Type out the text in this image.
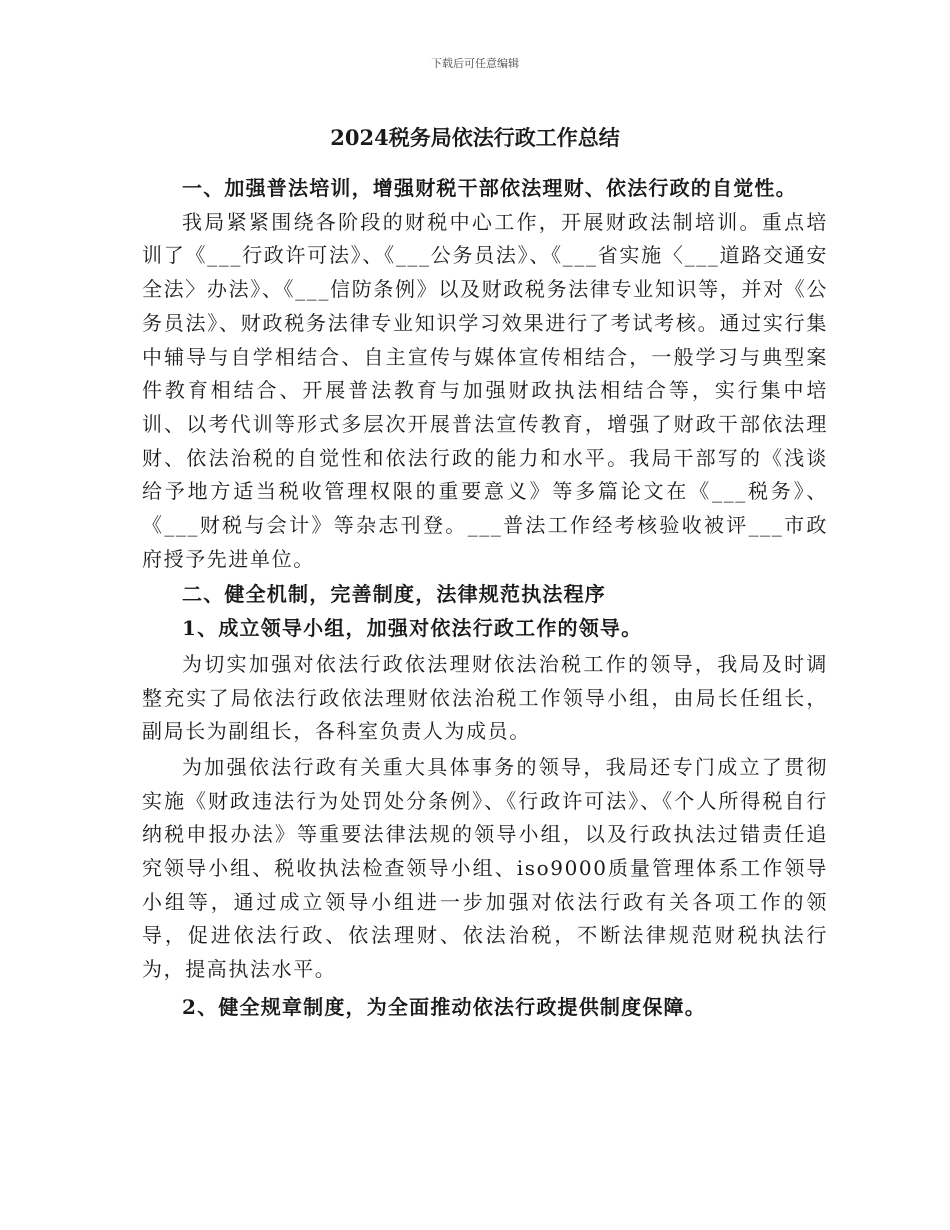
下载后可任意编辑
2024税务局依法行政工作总结

一、加强普法培训，增强财税干部依法理财、依法行政的自觉性。

我局紧紧围绕各阶段的财税中心工作，开展财政法制培训。重点培训了《___行政许可法》、《___公务员法》、《___省实施〈___道路交通安全法〉办法》、《___信防条例》以及财政税务法律专业知识等，并对《公务员法》、财政税务法律专业知识学习效果进行了考试考核。通过实行集中辅导与自学相结合、自主宣传与媒体宣传相结合，一般学习与典型案件教育相结合、开展普法教育与加强财政执法相结合等，实行集中培训、以考代训等形式多层次开展普法宣传教育，增强了财政干部依法理财、依法治税的自觉性和依法行政的能力和水平。我局干部写的《浅谈给予地方适当税收管理权限的重要意义》等多篇论文在《___税务》、《___财税与会计》等杂志刊登。___普法工作经考核验收被评___市政府授予先进单位。

二、健全机制，完善制度，法律规范执法程序

1、成立领导小组，加强对依法行政工作的领导。

为切实加强对依法行政依法理财依法治税工作的领导，我局及时调整充实了局依法行政依法理财依法治税工作领导小组，由局长任组长，副局长为副组长，各科室负责人为成员。

为加强依法行政有关重大具体事务的领导，我局还专门成立了贯彻实施《财政违法行为处罚处分条例》、《行政许可法》、《个人所得税自行纳税申报办法》等重要法律法规的领导小组，以及行政执法过错责任追究领导小组、税收执法检查领导小组、iso9000质量管理体系工作领导小组等，通过成立领导小组进一步加强对依法行政有关各项工作的领导，促进依法行政、依法理财、依法治税，不断法律规范财税执法行为，提高执法水平。

2、健全规章制度，为全面推动依法行政提供制度保障。
